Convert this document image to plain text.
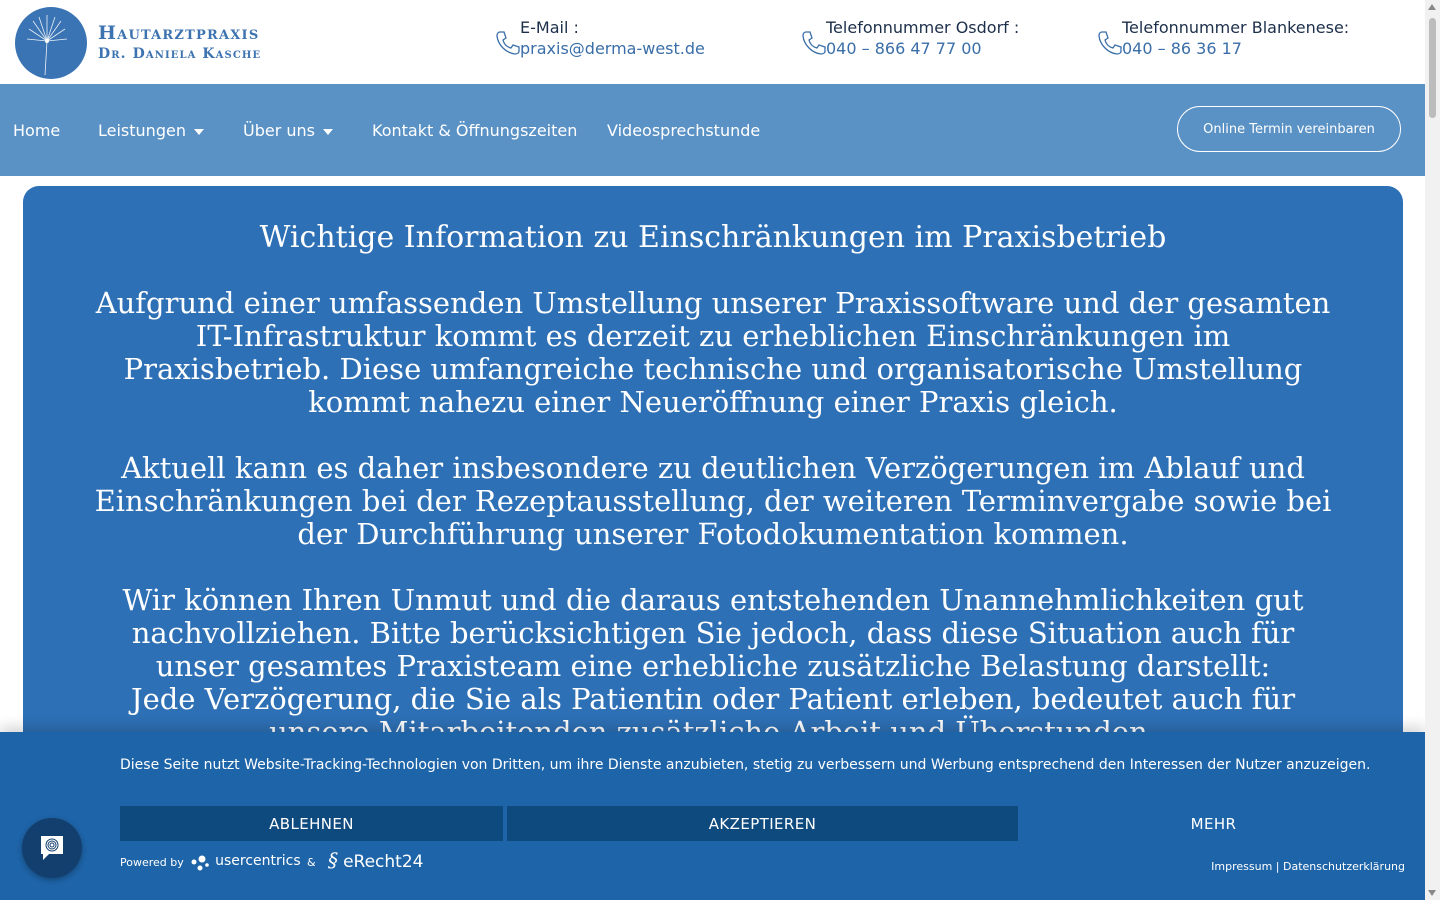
Hautarztpraxis
Dr. Daniela Kasche
E-Mail :
praxis@derma-west.de
Telefonnummer Osdorf :
040 – 866 47 77 00
Telefonnummer Blankenese:
040 – 86 36 17
Home Leistungen	Über uns	Kontakt & Öffnungszeiten Videosprechstunde	Online Termin vereinbaren
Wichtige Information zu Einschränkungen im Praxisbetrieb
Aufgrund einer umfassenden Umstellung unserer Praxissoftware und der gesamten IT-Infrastruktur kommt es derzeit zu erheblichen Einschränkungen im Praxisbetrieb. Diese umfangreiche technische und organisatorische Umstellung kommt nahezu einer Neueröffnung einer Praxis gleich.
Aktuell kann es daher insbesondere zu deutlichen Verzögerungen im Ablauf und Einschränkungen bei der Rezeptausstellung, der weiteren Terminvergabe sowie bei der Durchführung unserer Fotodokumentation kommen.
Wir können Ihren Unmut und die daraus entstehenden Unannehmlichkeiten gut nachvollziehen. Bitte berücksichtigen Sie jedoch, dass diese Situation auch für unser gesamtes Praxisteam eine erhebliche zusätzliche Belastung darstellt:
Jede Verzögerung, die Sie als Patientin oder Patient erleben, bedeutet auch für
Diese Seite nutzt Website-Tracking-Technologien von Dritten, um ihre Dienste anzubieten, stetig zu verbessern und Werbung entsprechend den Interessen der Nutzer anzuzeigen.
ABLEHNEN	AKZEPTIEREN	MEHR
Powered by	usercentrics & § eRecht24	Impressum | Datenschutzerklärung
